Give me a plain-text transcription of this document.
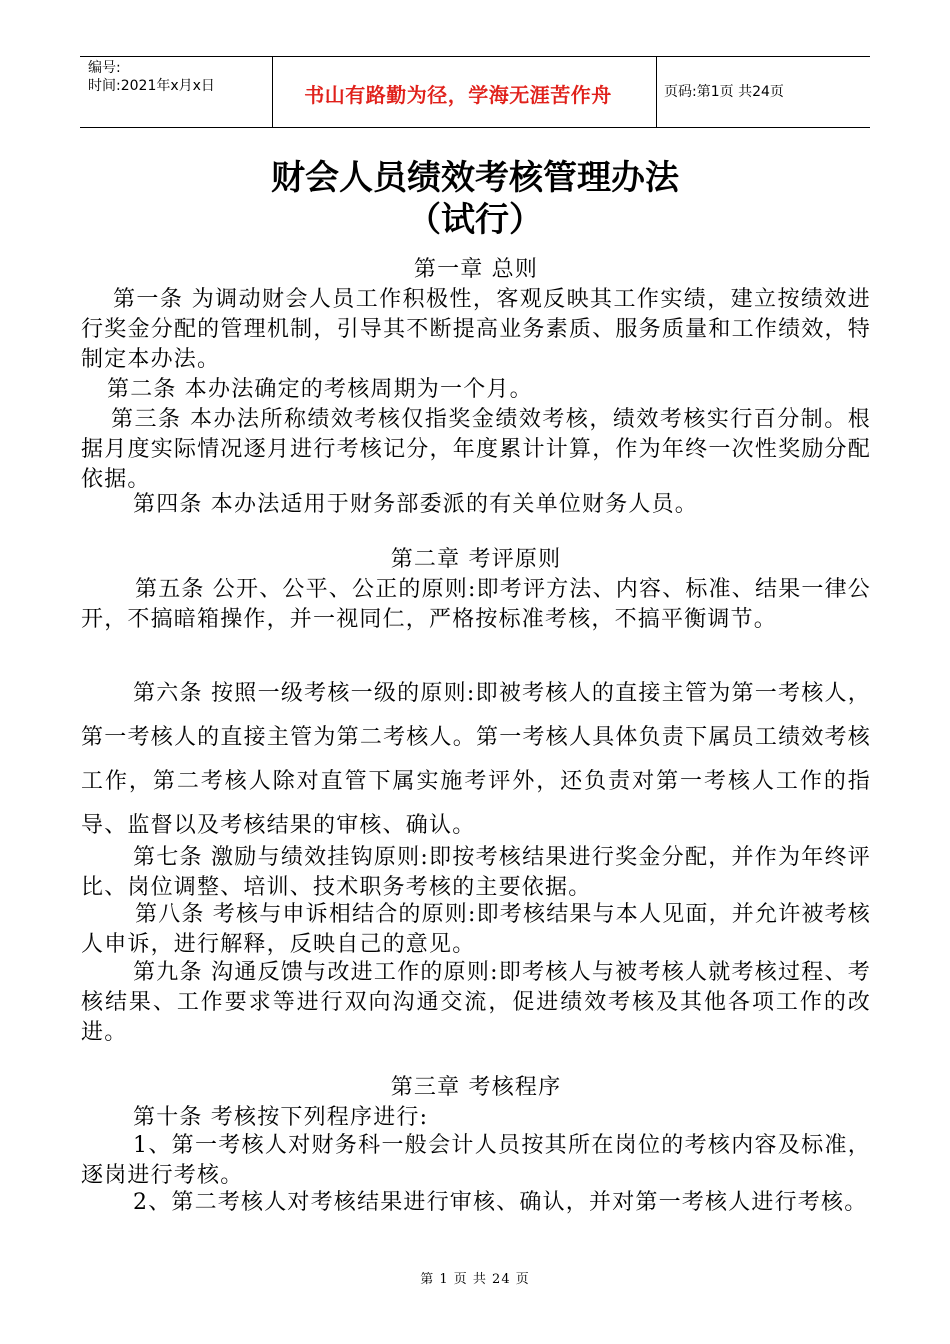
编号:
时间:2021年x月x日	书山有路勤为径，学海无涯苦作舟	页码:第1页 共24页
财会人员绩效考核管理办法
（试行）
第一章 总则
第一条 为调动财会人员工作积极性，客观反映其工作实绩，建立按绩效进行奖金分配的管理机制，引导其不断提高业务素质、服务质量和工作绩效，特制定本办法。
第二条 本办法确定的考核周期为一个月。
第三条 本办法所称绩效考核仅指奖金绩效考核，绩效考核实行百分制。根据月度实际情况逐月进行考核记分，年度累计计算，作为年终一次性奖励分配依据。
第四条 本办法适用于财务部委派的有关单位财务人员。
第二章 考评原则
第五条 公开、公平、公正的原则:即考评方法、内容、标准、结果一律公开，不搞暗箱操作，并一视同仁，严格按标准考核，不搞平衡调节。
第六条 按照一级考核一级的原则:即被考核人的直接主管为第一考核人，第一考核人的直接主管为第二考核人。第一考核人具体负责下属员工绩效考核工作，第二考核人除对直管下属实施考评外，还负责对第一考核人工作的指导、监督以及考核结果的审核、确认。
第七条 激励与绩效挂钩原则:即按考核结果进行奖金分配，并作为年终评比、岗位调整、培训、技术职务考核的主要依据。
第八条 考核与申诉相结合的原则:即考核结果与本人见面，并允许被考核人申诉，进行解释，反映自己的意见。
第九条 沟通反馈与改进工作的原则:即考核人与被考核人就考核过程、考核结果、工作要求等进行双向沟通交流，促进绩效考核及其他各项工作的改进。
第三章 考核程序
第十条 考核按下列程序进行:
1、第一考核人对财务科一般会计人员按其所在岗位的考核内容及标准，逐岗进行考核。
2、第二考核人对考核结果进行审核、确认，并对第一考核人进行考核。
第 1 页 共 24 页
